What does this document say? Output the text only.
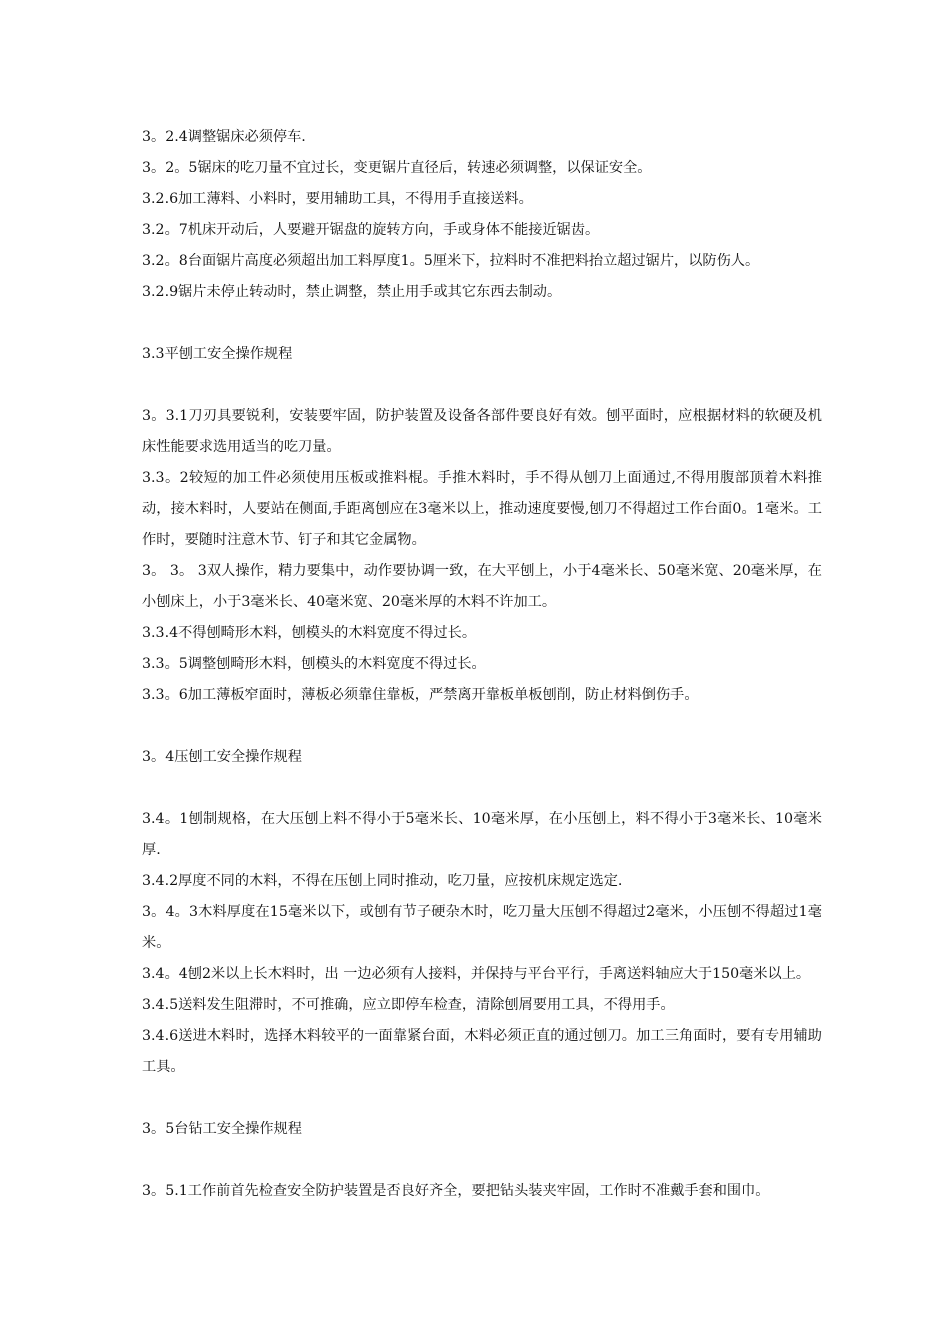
3。2.4调整锯床必须停车.

3。2。5锯床的吃刀量不宜过长，变更锯片直径后，转速必须调整，以保证安全。

3.2.6加工薄料、小料时，要用辅助工具，不得用手直接送料。

3.2。7机床开动后，人要避开锯盘的旋转方向，手或身体不能接近锯齿。

3.2。8台面锯片高度必须超出加工料厚度1。5厘米下，拉料时不准把料抬立超过锯片，以防伤人。

3.2.9锯片未停止转动时，禁止调整，禁止用手或其它东西去制动。

3.3平刨工安全操作规程

3。3.1刀刃具要锐利，安装要牢固，防护装置及设备各部件要良好有效。刨平面时，应根据材料的软硬及机床性能要求选用适当的吃刀量。

3.3。2较短的加工件必须使用压板或推料棍。手推木料时，手不得从刨刀上面通过,不得用腹部顶着木料推动，接木料时，人要站在侧面,手距离刨应在3毫米以上，推动速度要慢,刨刀不得超过工作台面0。1毫米。工作时，要随时注意木节、钉子和其它金属物。

3。 3。 3双人操作，精力要集中，动作要协调一致，在大平刨上，小于4毫米长、50毫米宽、20毫米厚，在小刨床上，小于3毫米长、40毫米宽、20毫米厚的木料不许加工。

3.3.4不得刨畸形木料，刨模头的木料宽度不得过长。

3.3。5调整刨畸形木料，刨模头的木料宽度不得过长。

3.3。6加工薄板窄面时，薄板必须靠住靠板，严禁离开靠板单板刨削，防止材料倒伤手。

3。4压刨工安全操作规程

3.4。1刨制规格，在大压刨上料不得小于5毫米长、10毫米厚，在小压刨上，料不得小于3毫米长、10毫米厚.

3.4.2厚度不同的木料，不得在压刨上同时推动，吃刀量，应按机床规定选定.

3。4。3木料厚度在15毫米以下，或刨有节子硬杂木时，吃刀量大压刨不得超过2毫米，小压刨不得超过1毫米。

3.4。4刨2米以上长木料时，出 一边必须有人接料，并保持与平台平行，手离送料轴应大于150毫米以上。

3.4.5送料发生阻滞时，不可推确，应立即停车检查，清除刨屑要用工具，不得用手。

3.4.6送进木料时，选择木料较平的一面靠紧台面，木料必须正直的通过刨刀。加工三角面时，要有专用辅助工具。

3。5台钻工安全操作规程

3。5.1工作前首先检查安全防护装置是否良好齐全，要把钻头装夹牢固，工作时不准戴手套和围巾。
